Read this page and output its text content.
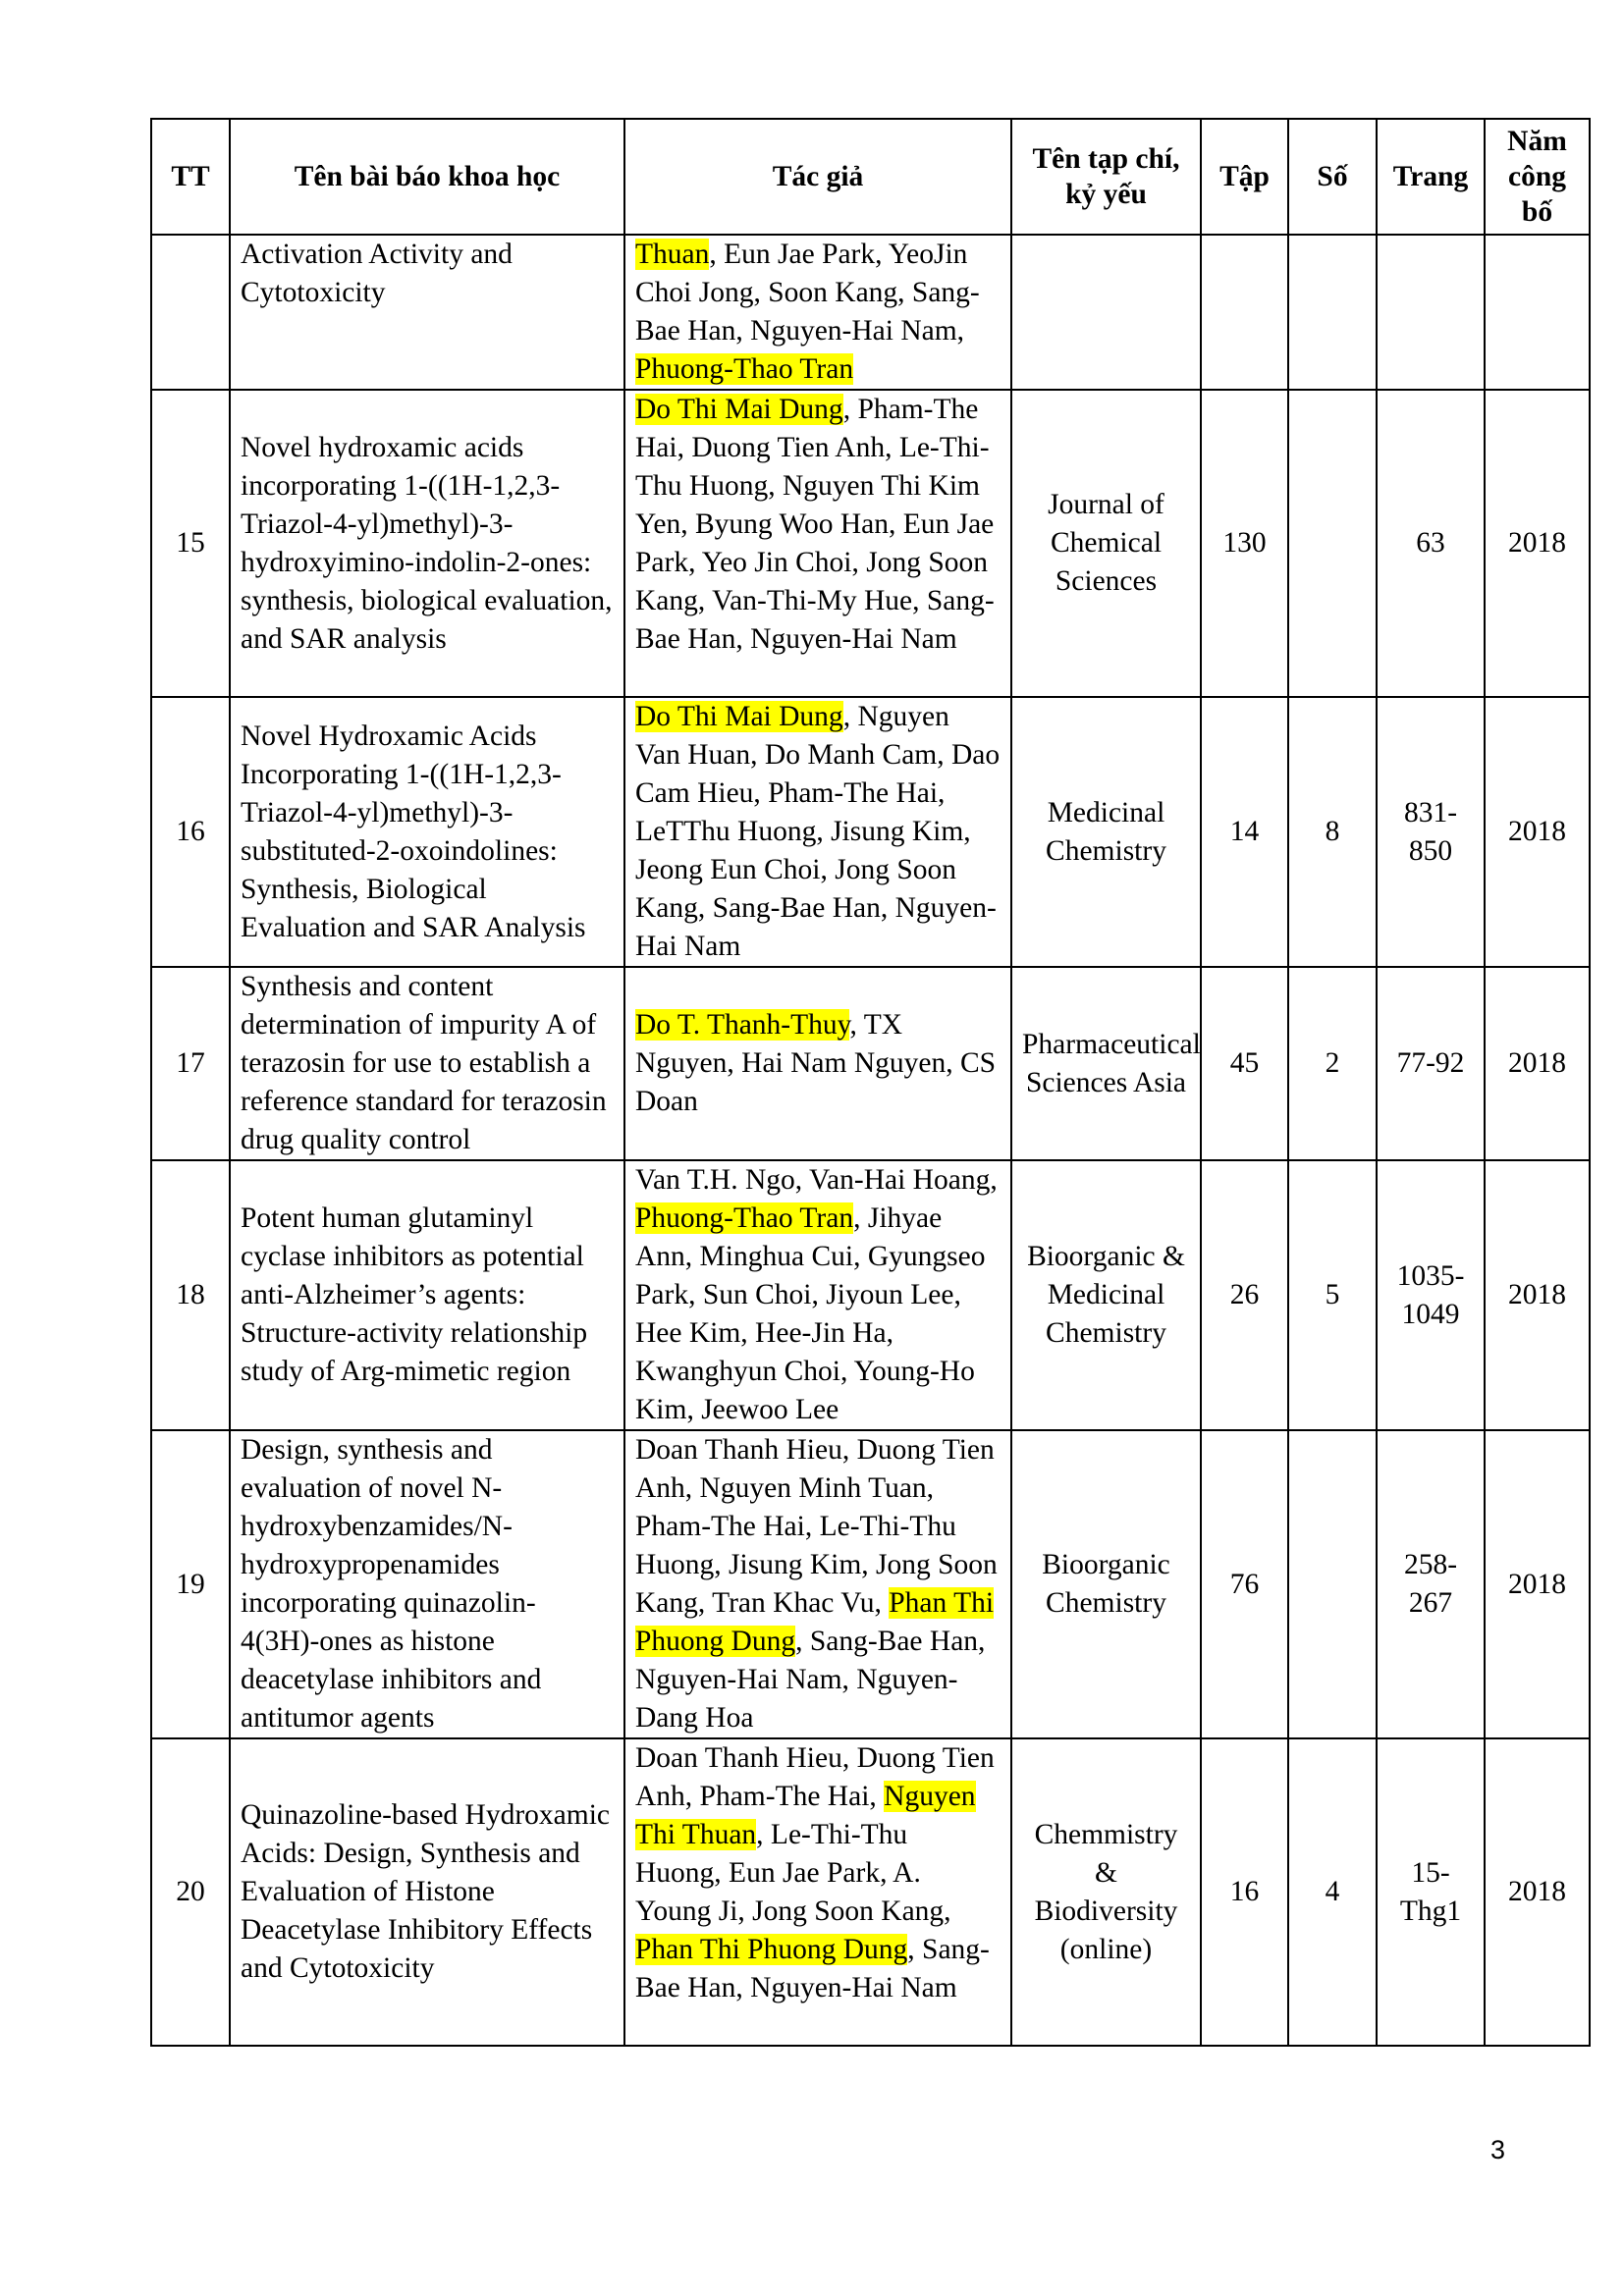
TT	Tên bài báo khoa học	Tác giả	Tên tạp chí, kỷ yếu	Tập	Số	Trang	Năm công bố
	Activation Activity and Cytotoxicity	Thuan, Eun Jae Park, YeoJin Choi Jong, Soon Kang, Sang-Bae Han, Nguyen-Hai Nam, Phuong-Thao Tran					
15	Novel hydroxamic acids incorporating 1-((1H-1,2,3-Triazol-4-yl)methyl)-3-hydroxyimino-indolin-2-ones: synthesis, biological evaluation, and SAR analysis	Do Thi Mai Dung, Pham-The Hai, Duong Tien Anh, Le-Thi-Thu Huong, Nguyen Thi Kim Yen, Byung Woo Han, Eun Jae Park, Yeo Jin Choi, Jong Soon Kang, Van-Thi-My Hue, Sang-Bae Han, Nguyen-Hai Nam	Journal of Chemical Sciences	130		63	2018
16	Novel Hydroxamic Acids Incorporating 1-((1H-1,2,3-Triazol-4-yl)methyl)-3-substituted-2-oxoindolines: Synthesis, Biological Evaluation and SAR Analysis	Do Thi Mai Dung, Nguyen Van Huan, Do Manh Cam, Dao Cam Hieu, Pham-The Hai, LeTThu Huong, Jisung Kim, Jeong Eun Choi, Jong Soon Kang, Sang-Bae Han, Nguyen-Hai Nam	Medicinal Chemistry	14	8	831-850	2018
17	Synthesis and content determination of impurity A of terazosin for use to establish a reference standard for terazosin drug quality control	Do T. Thanh-Thuy, TX Nguyen, Hai Nam Nguyen, CS Doan	Pharmaceutical Sciences Asia	45	2	77-92	2018
18	Potent human glutaminyl cyclase inhibitors as potential anti-Alzheimer’s agents: Structure-activity relationship study of Arg-mimetic region	Van T.H. Ngo, Van-Hai Hoang, Phuong-Thao Tran, Jihyae Ann, Minghua Cui, Gyungseo Park, Sun Choi, Jiyoun Lee, Hee Kim, Hee-Jin Ha, Kwanghyun Choi, Young-Ho Kim, Jeewoo Lee	Bioorganic & Medicinal Chemistry	26	5	1035-1049	2018
19	Design, synthesis and evaluation of novel N-hydroxybenzamides/N-hydroxypropenamides incorporating quinazolin-4(3H)-ones as histone deacetylase inhibitors and antitumor agents	Doan Thanh Hieu, Duong Tien Anh, Nguyen Minh Tuan, Pham-The Hai, Le-Thi-Thu Huong, Jisung Kim, Jong Soon Kang, Tran Khac Vu, Phan Thi Phuong Dung, Sang-Bae Han, Nguyen-Hai Nam, Nguyen-Dang Hoa	Bioorganic Chemistry	76		258-267	2018
20	Quinazoline-based Hydroxamic Acids: Design, Synthesis and Evaluation of Histone Deacetylase Inhibitory Effects and Cytotoxicity	Doan Thanh Hieu, Duong Tien Anh, Pham-The Hai, Nguyen Thi Thuan, Le-Thi-Thu Huong, Eun Jae Park, A. Young Ji, Jong Soon Kang, Phan Thi Phuong Dung, Sang-Bae Han, Nguyen-Hai Nam	Chemmistry & Biodiversity (online)	16	4	15-Thg1	2018
3
